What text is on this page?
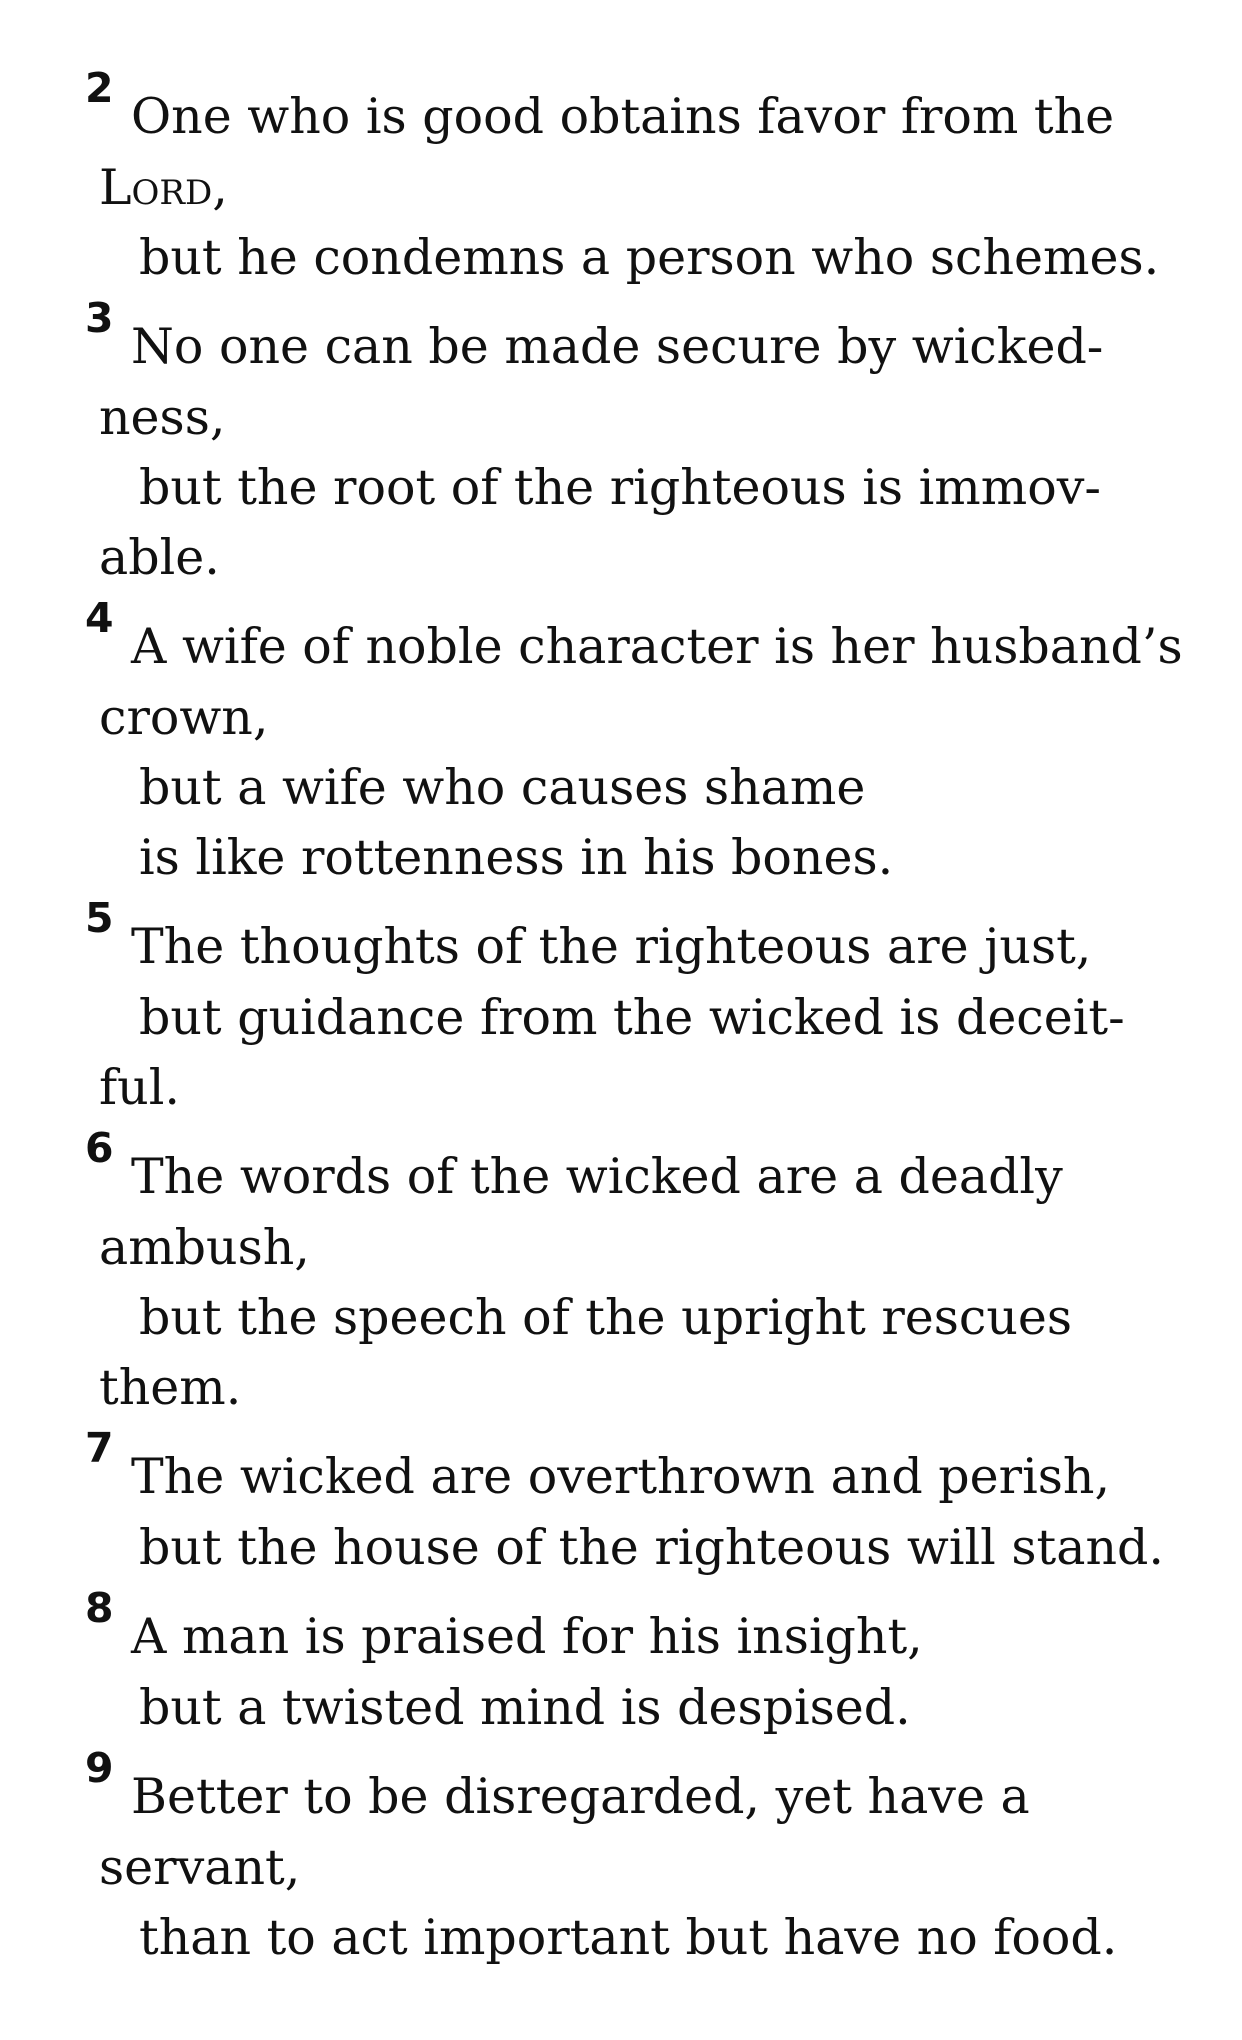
2 One who is good obtains favor from the
Lord,
but he condemns a person who schemes.
3 No one can be made secure by wicked-
ness,
but the root of the righteous is immov-
able.
4 A wife of noble character is her husband’s
crown,
but a wife who causes shame
is like rottenness in his bones.
5 The thoughts of the righteous are just,
but guidance from the wicked is deceit-
ful.
6 The words of the wicked are a deadly
ambush,
but the speech of the upright rescues
them.
7 The wicked are overthrown and perish,
but the house of the righteous will stand.
8 A man is praised for his insight,
but a twisted mind is despised.
9 Better to be disregarded, yet have a
servant,
than to act important but have no food.
